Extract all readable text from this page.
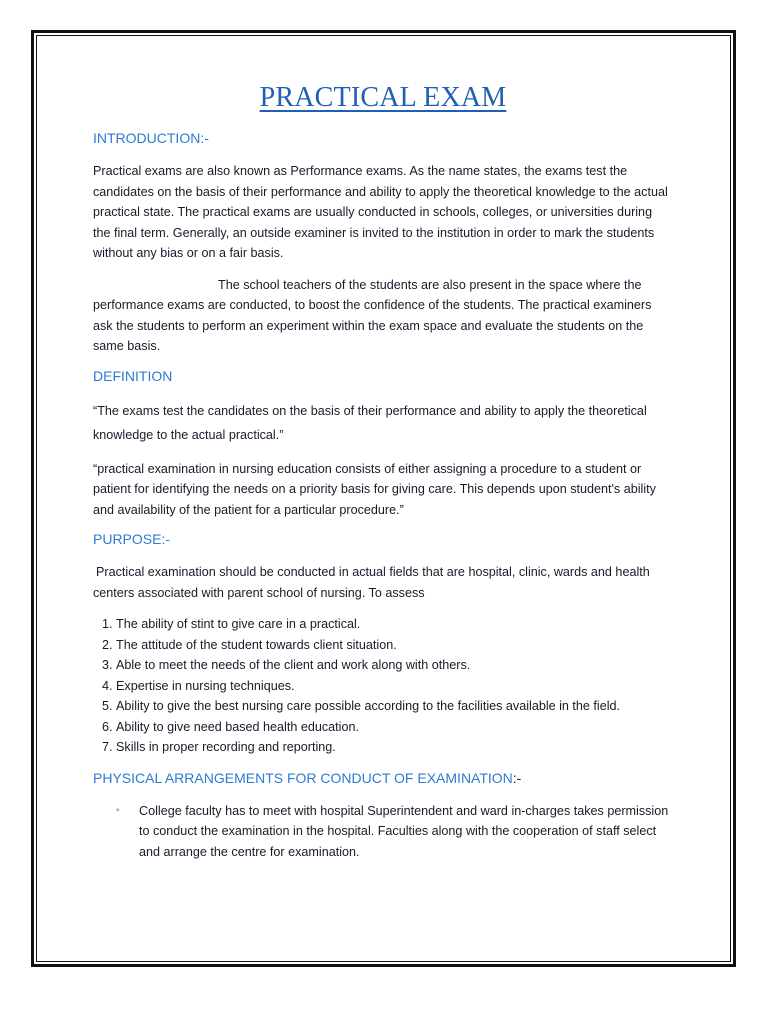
PRACTICAL EXAM
INTRODUCTION:-

Practical exams are also known as Performance exams. As the name states, the exams test the candidates on the basis of their performance and ability to apply the theoretical knowledge to the actual practical state. The practical exams are usually conducted in schools, colleges, or universities during the final term. Generally, an outside examiner is invited to the institution in order to mark the students without any bias or on a fair basis.

The school teachers of the students are also present in the space where the performance exams are conducted, to boost the confidence of the students. The practical examiners ask the students to perform an experiment within the exam space and evaluate the students on the same basis.

DEFINITION

“The exams test the candidates on the basis of their performance and ability to apply the theoretical knowledge to the actual practical.”

“practical examination in nursing education consists of either assigning a procedure to a student or patient for identifying the needs on a priority basis for giving care. This depends upon student's ability and availability of the patient for a particular procedure.”

PURPOSE:-

Practical examination should be conducted in actual fields that are hospital, clinic, wards and health centers associated with parent school of nursing. To assess

1. The ability of stint to give care in a practical.
2. The attitude of the student towards client situation.
3. Able to meet the needs of the client and work along with others.
4. Expertise in nursing techniques.
5. Ability to give the best nursing care possible according to the facilities available in the field.
6. Ability to give need based health education.
7. Skills in proper recording and reporting.
PHYSICAL ARRANGEMENTS FOR CONDUCT OF EXAMINATION:-
◦ College faculty has to meet with hospital Superintendent and ward in-charges takes permission to conduct the examination in the hospital. Faculties along with the cooperation of staff select and arrange the centre for examination.
